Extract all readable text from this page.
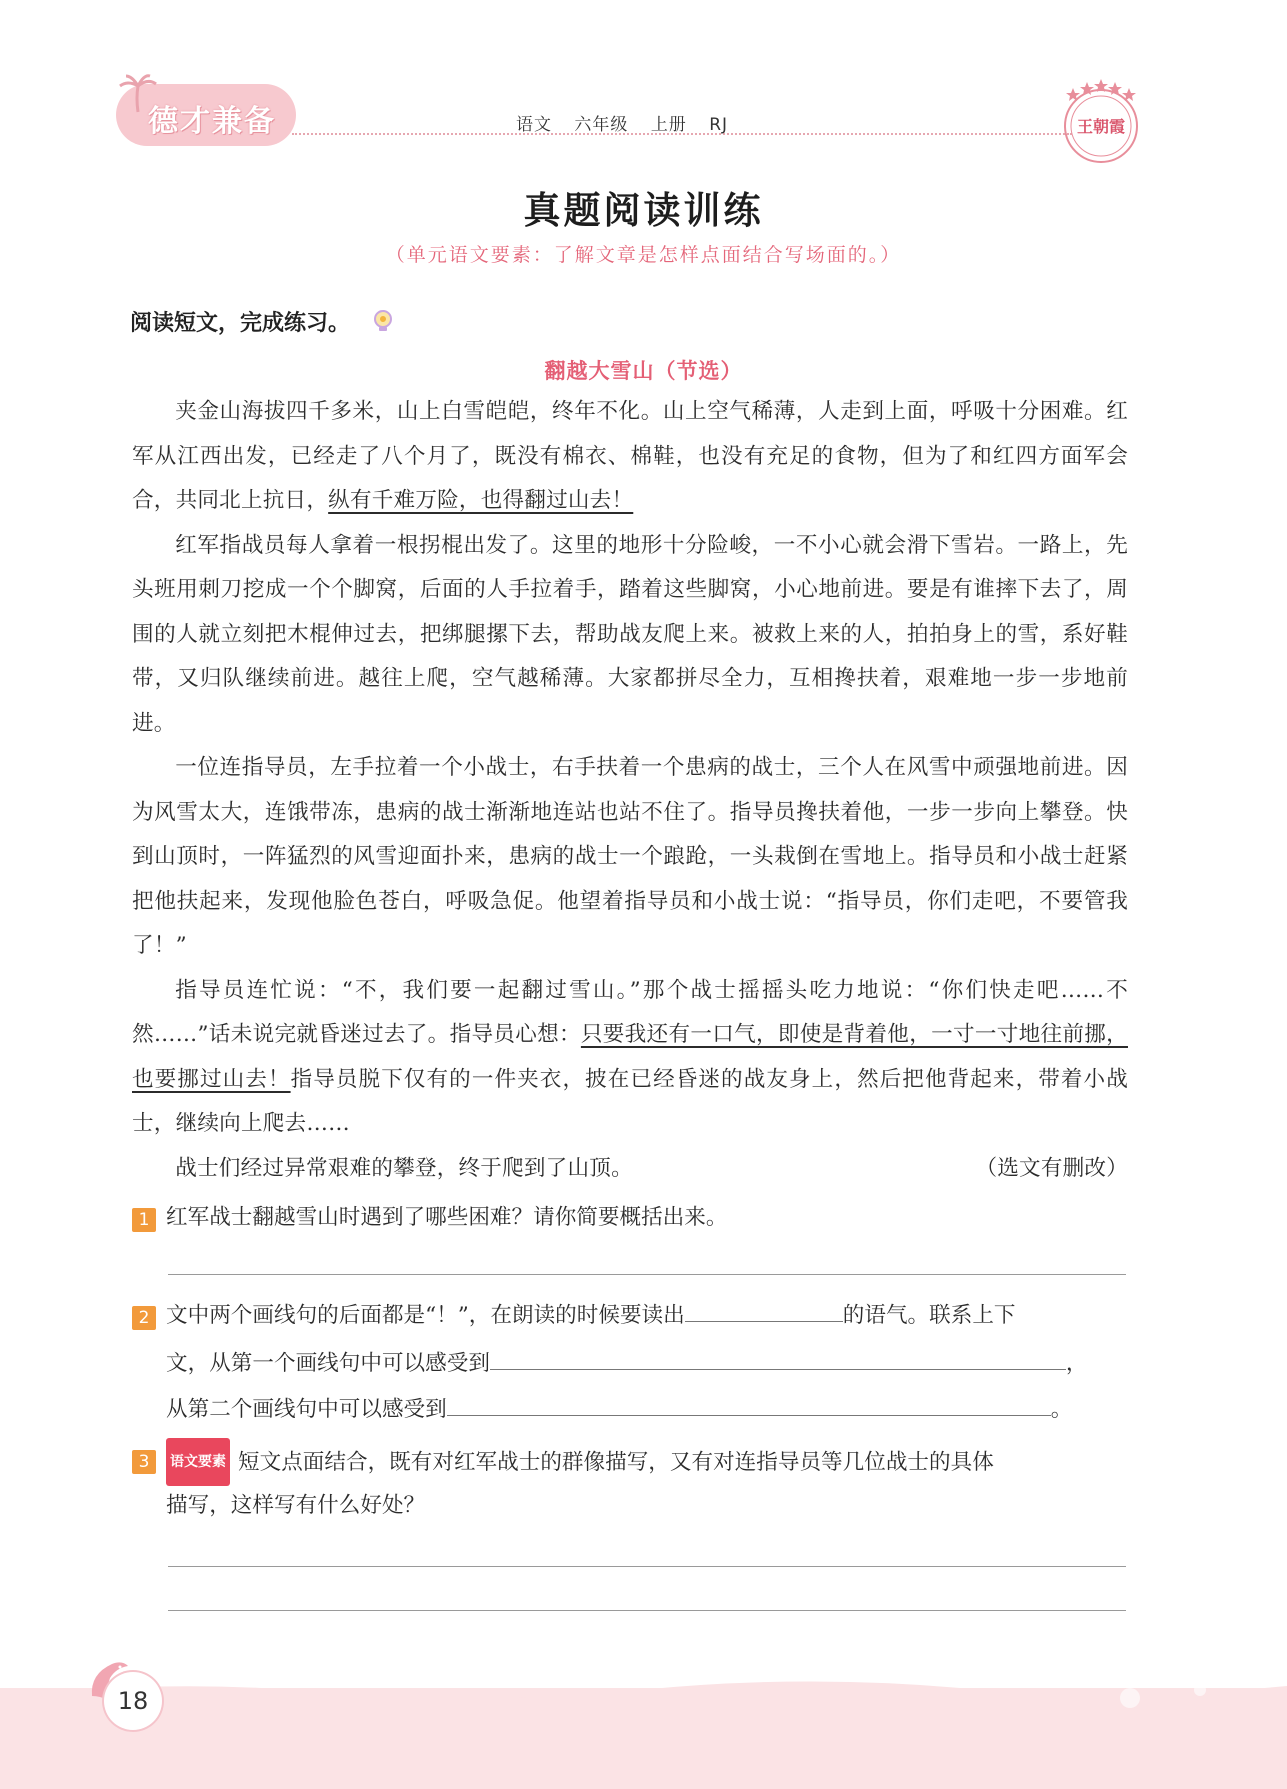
德才兼备	语文 六年级 上册 RJ	王朝霞
真题阅读训练
（单元语文要素：了解文章是怎样点面结合写场面的。）
阅读短文，完成练习。
翻越大雪山（节选）

夹金山海拔四千多米，山上白雪皑皑，终年不化。山上空气稀薄，人走到上面，呼吸十分困难。红军从江西出发，已经走了八个月了，既没有棉衣、棉鞋，也没有充足的食物，但为了和红四方面军会合，共同北上抗日，纵有千难万险，也得翻过山去！

红军指战员每人拿着一根拐棍出发了。这里的地形十分险峻，一不小心就会滑下雪岩。一路上，先头班用刺刀挖成一个个脚窝，后面的人手拉着手，踏着这些脚窝，小心地前进。要是有谁摔下去了，周围的人就立刻把木棍伸过去，把绑腿摞下去，帮助战友爬上来。被救上来的人，拍拍身上的雪，系好鞋带，又归队继续前进。越往上爬，空气越稀薄。大家都拼尽全力，互相搀扶着，艰难地一步一步地前进。

一位连指导员，左手拉着一个小战士，右手扶着一个患病的战士，三个人在风雪中顽强地前进。因为风雪太大，连饿带冻，患病的战士渐渐地连站也站不住了。指导员搀扶着他，一步一步向上攀登。快到山顶时，一阵猛烈的风雪迎面扑来，患病的战士一个踉跄，一头栽倒在雪地上。指导员和小战士赶紧把他扶起来，发现他脸色苍白，呼吸急促。他望着指导员和小战士说：“指导员，你们走吧，不要管我了！”

指导员连忙说：“不，我们要一起翻过雪山。”那个战士摇摇头吃力地说：“你们快走吧……不然……”话未说完就昏迷过去了。指导员心想：只要我还有一口气，即使是背着他，一寸一寸地往前挪，也要挪过山去！指导员脱下仅有的一件夹衣，披在已经昏迷的战友身上，然后把他背起来，带着小战士，继续向上爬去……

战士们经过异常艰难的攀登，终于爬到了山顶。	（选文有删改）

1 红军战士翻越雪山时遇到了哪些困难？请你简要概括出来。
2 文中两个画线句的后面都是“！”，在朗读的时候要读出	的语气。联系上下
文，从第一个画线句中可以感受到	，
从第二个画线句中可以感受到	。
3	语文要素 短文点面结合，既有对红军战士的群像描写，又有对连指导员等几位战士的具体
描写，这样写有什么好处？
18
